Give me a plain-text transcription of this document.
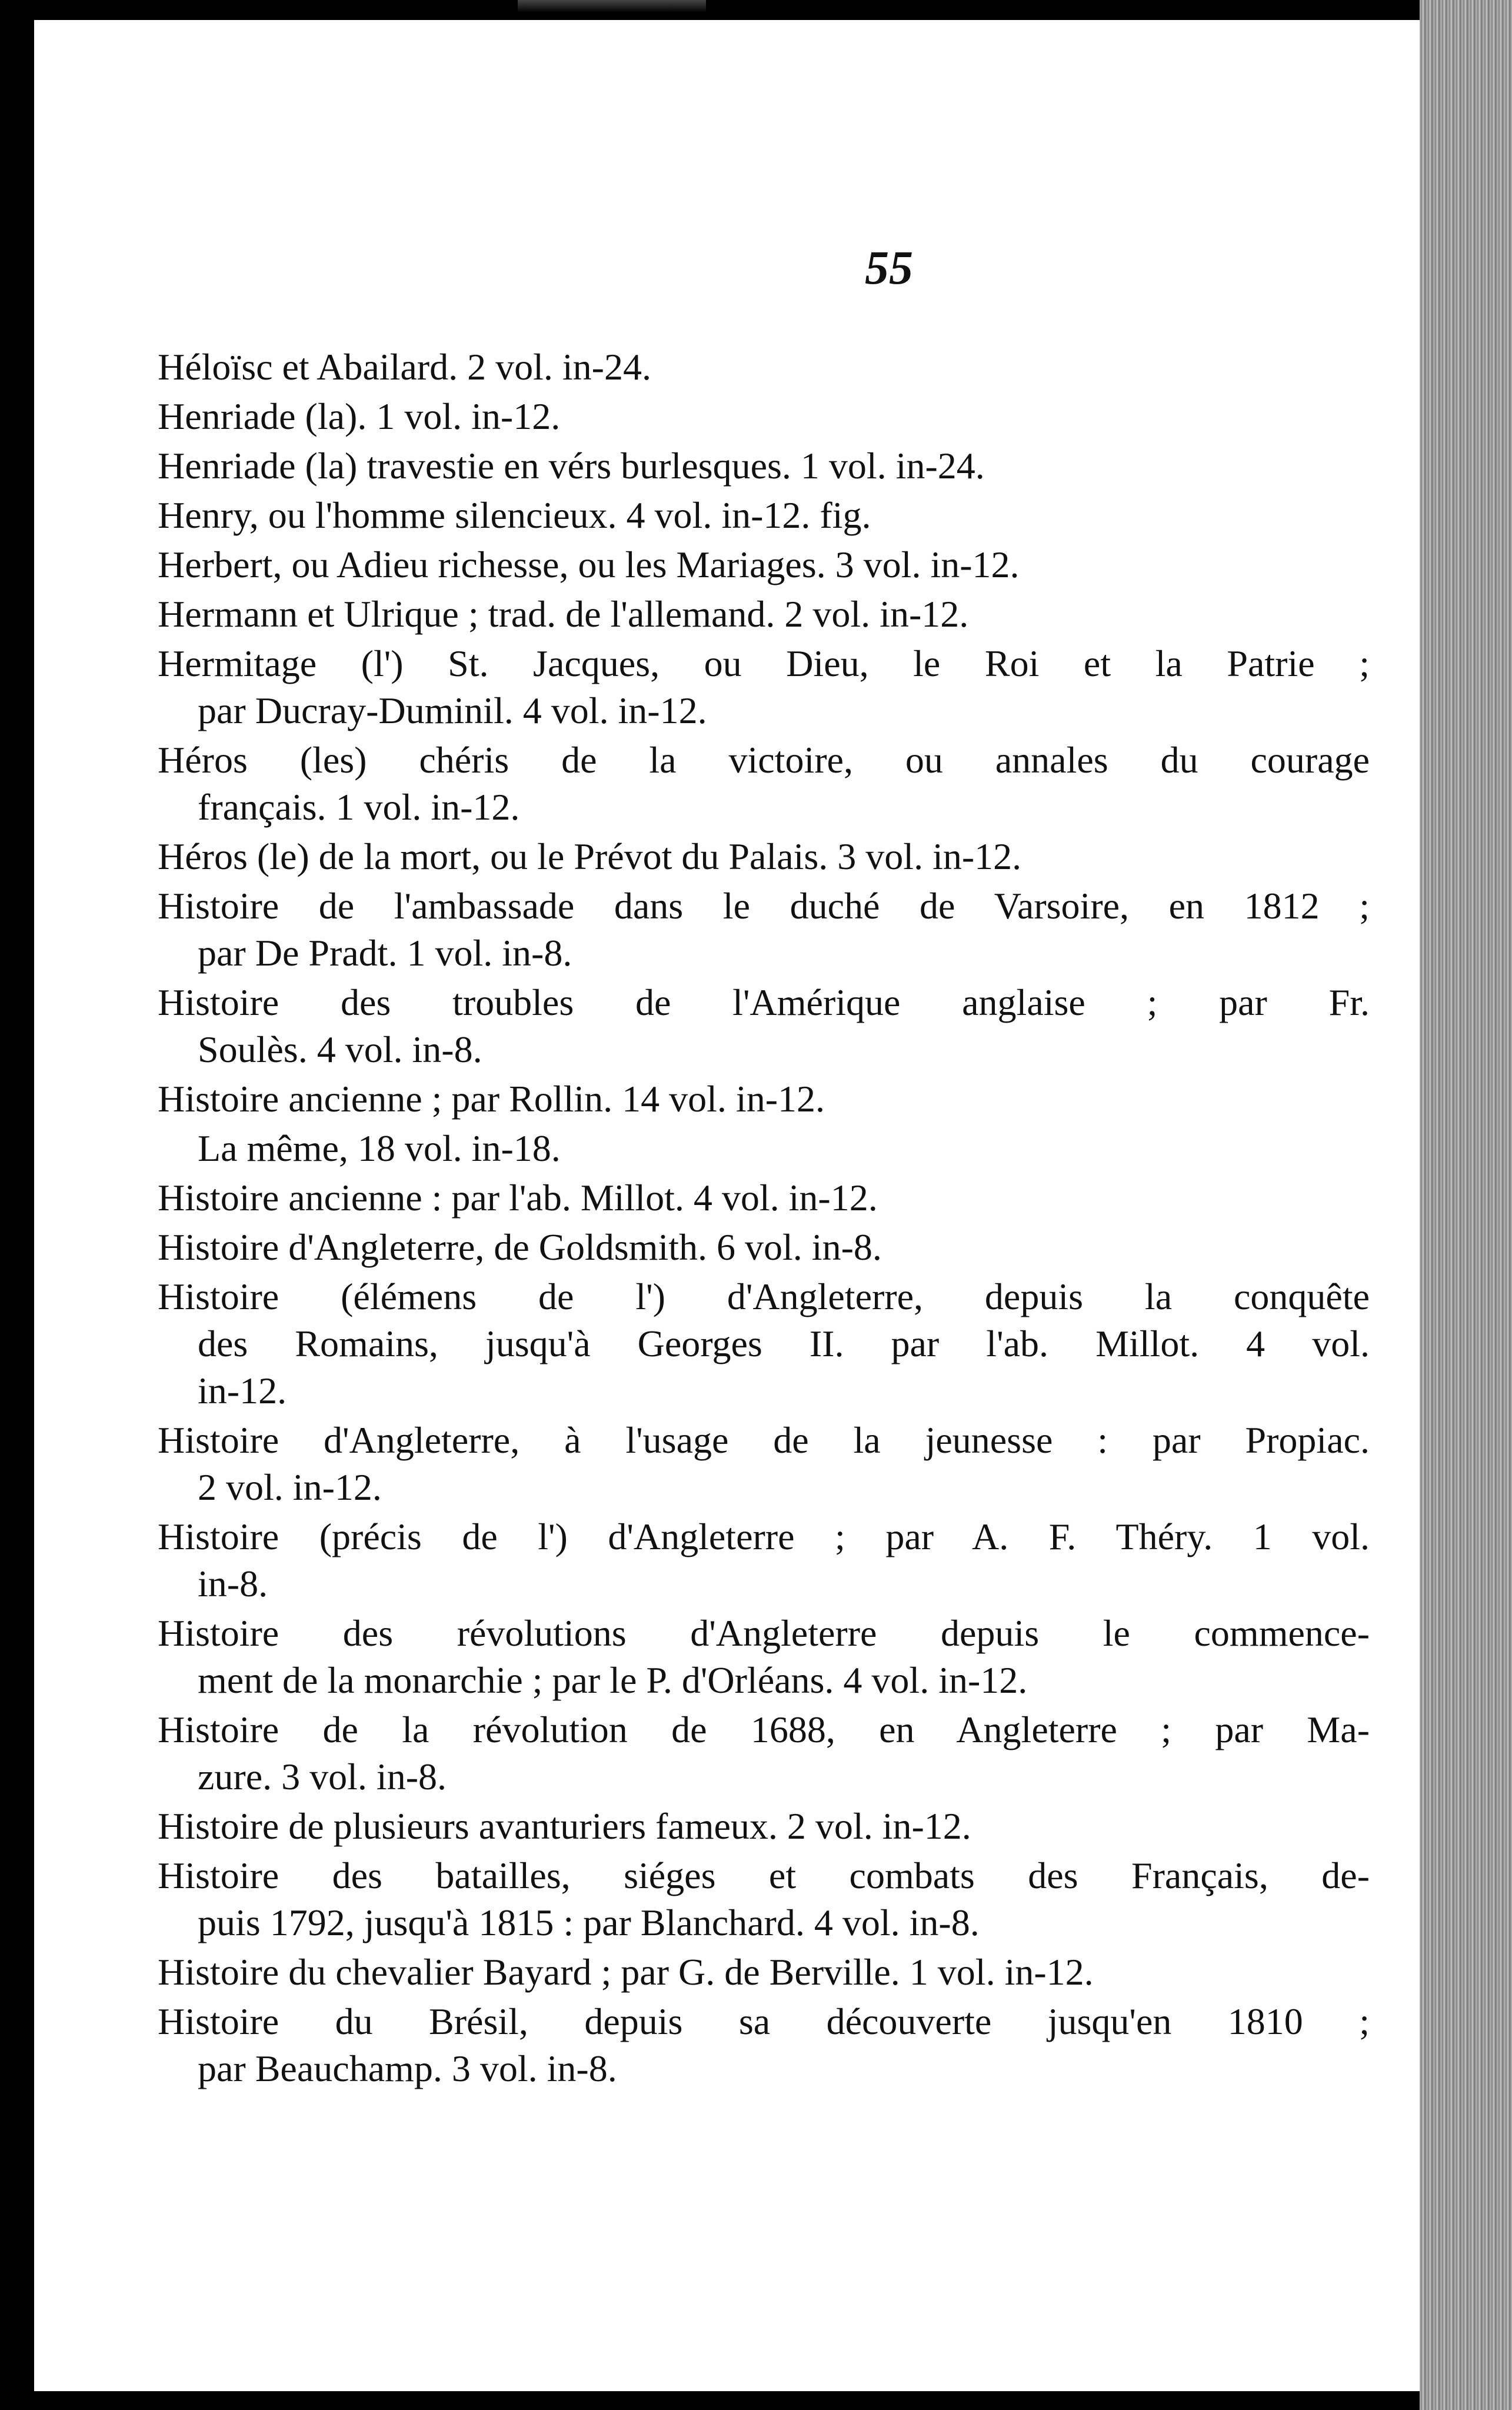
55
Héloïsc et Abailard. 2 vol. in-24.
Henriade (la). 1 vol. in-12.
Henriade (la) travestie en vérs burlesques. 1 vol. in-24.
Henry, ou l'homme silencieux. 4 vol. in-12. fig.
Herbert, ou Adieu richesse, ou les Mariages. 3 vol. in-12.
Hermann et Ulrique ; trad. de l'allemand. 2 vol. in-12.
Hermitage (l') St. Jacques, ou Dieu, le Roi et la Patrie ;
par Ducray-Duminil. 4 vol. in-12.
Héros (les) chéris de la victoire, ou annales du courage
français. 1 vol. in-12.
Héros (le) de la mort, ou le Prévot du Palais. 3 vol. in-12.
Histoire de l'ambassade dans le duché de Varsoire, en 1812 ;
par De Pradt. 1 vol. in-8.
Histoire des troubles de l'Amérique anglaise ; par Fr.
Soulès. 4 vol. in-8.
Histoire ancienne ; par Rollin. 14 vol. in-12.
La même, 18 vol. in-18.
Histoire ancienne : par l'ab. Millot. 4 vol. in-12.
Histoire d'Angleterre, de Goldsmith. 6 vol. in-8.
Histoire (élémens de l') d'Angleterre, depuis la conquête
des Romains, jusqu'à Georges II. par l'ab. Millot. 4 vol.
in-12.
Histoire d'Angleterre, à l'usage de la jeunesse : par Propiac.
2 vol. in-12.
Histoire (précis de l') d'Angleterre ; par A. F. Théry. 1 vol.
in-8.
Histoire des révolutions d'Angleterre depuis le commence-
ment de la monarchie ; par le P. d'Orléans. 4 vol. in-12.
Histoire de la révolution de 1688, en Angleterre ; par Ma-
zure. 3 vol. in-8.
Histoire de plusieurs avanturiers fameux. 2 vol. in-12.
Histoire des batailles, siéges et combats des Français, de-
puis 1792, jusqu'à 1815 : par Blanchard. 4 vol. in-8.
Histoire du chevalier Bayard ; par G. de Berville. 1 vol. in-12.
Histoire du Brésil, depuis sa découverte jusqu'en 1810 ;
par Beauchamp. 3 vol. in-8.
